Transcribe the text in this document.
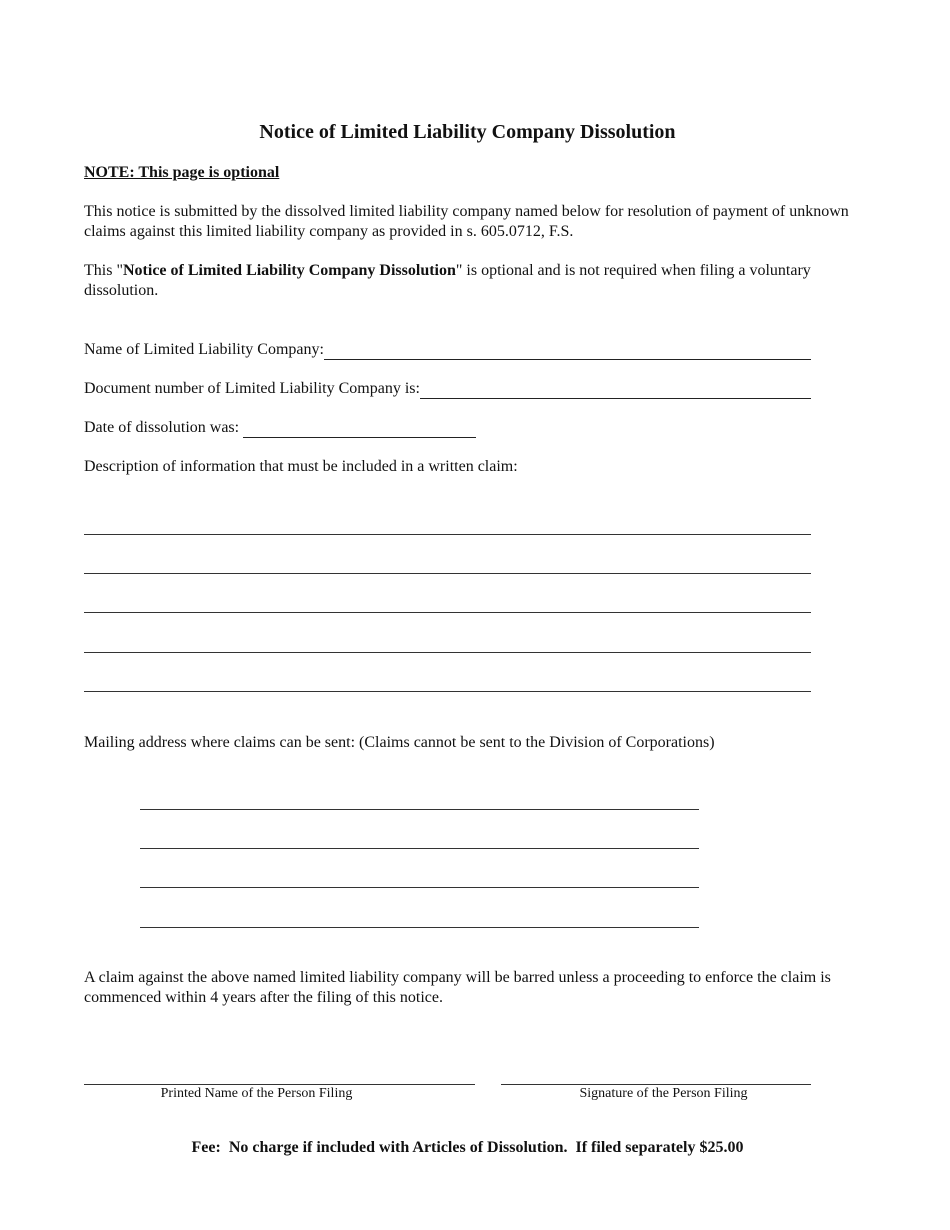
Notice of Limited Liability Company Dissolution
NOTE: This page is optional
This notice is submitted by the dissolved limited liability company named below for resolution of payment of unknown claims against this limited liability company as provided in s. 605.0712, F.S.
This "Notice of Limited Liability Company Dissolution" is optional and is not required when filing a voluntary dissolution.
Name of Limited Liability Company:
Document number of Limited Liability Company is:
Date of dissolution was:
Description of information that must be included in a written claim:
Mailing address where claims can be sent: (Claims cannot be sent to the Division of Corporations)
A claim against the above named limited liability company will be barred unless a proceeding to enforce the claim is commenced within 4 years after the filing of this notice.
Printed Name of the Person Filing	Signature of the Person Filing
Fee:  No charge if included with Articles of Dissolution.  If filed separately $25.00
